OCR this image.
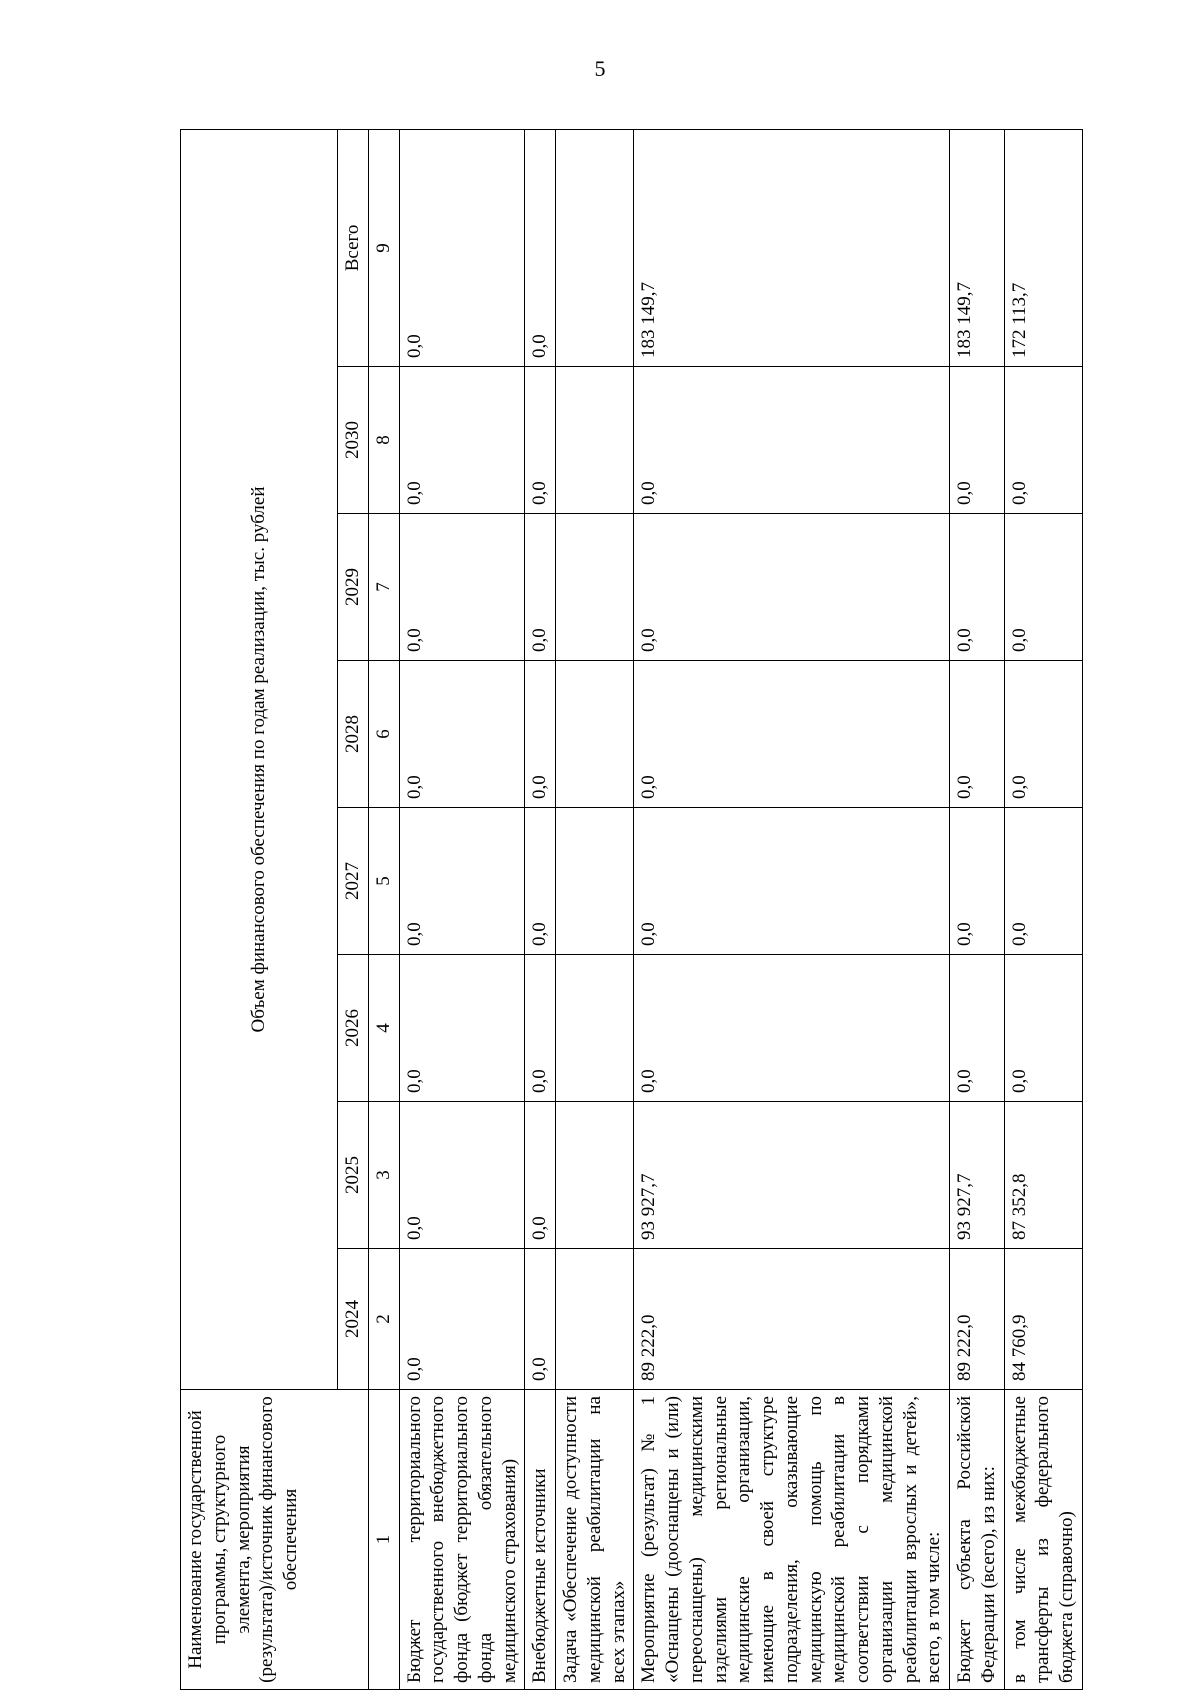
5
Наименование государственной программы, структурного элемента, мероприятия (результата)/источник финансового обеспечения	Объем финансового обеспечения по годам реализации, тыс. рублей							
	2024	2025	2026	2027	2028	2029	2030	Всего
1	2	3	4	5	6	7	8	9
Бюджет территориального государственного внебюджетного фонда (бюджет территориального фонда обязательного медицинского страхования)	0,0	0,0	0,0	0,0	0,0	0,0	0,0	0,0
Внебюджетные источники	0,0	0,0	0,0	0,0	0,0	0,0	0,0	0,0
Задача «Обеспечение доступности медицинской реабилитации на всех этапах»								
Мероприятие (результат) № 1 «Оснащены (дооснащены и (или) переоснащены) медицинскими изделиями региональные медицинские организации, имеющие в своей структуре подразделения, оказывающие медицинскую помощь по медицинской реабилитации в соответствии с порядками организации медицинской реабилитации взрослых и детей», всего, в том числе:	89 222,0	93 927,7	0,0	0,0	0,0	0,0	0,0	183 149,7
Бюджет субъекта Российской Федерации (всего), из них:	89 222,0	93 927,7	0,0	0,0	0,0	0,0	0,0	183 149,7
в том числе межбюджетные трансферты из федерального бюджета (справочно)	84 760,9	87 352,8	0,0	0,0	0,0	0,0	0,0	172 113,7
